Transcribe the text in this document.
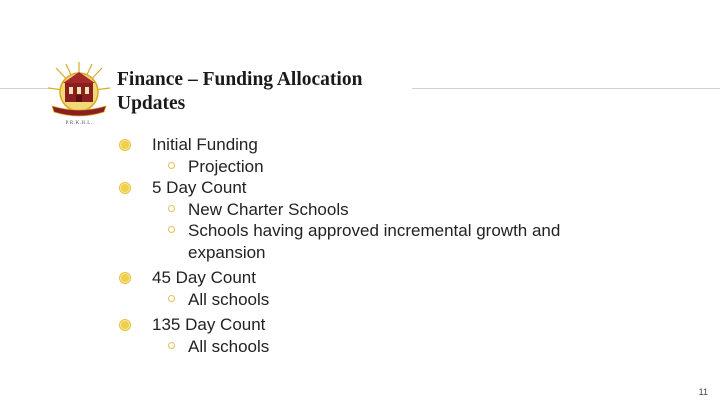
P.R.K.H.L.
Finance – Funding Allocation
Updates
Initial Funding
Projection
5 Day Count
New Charter Schools
Schools having approved incremental growth and
expansion
45 Day Count
All schools
135 Day Count
All schools
11
